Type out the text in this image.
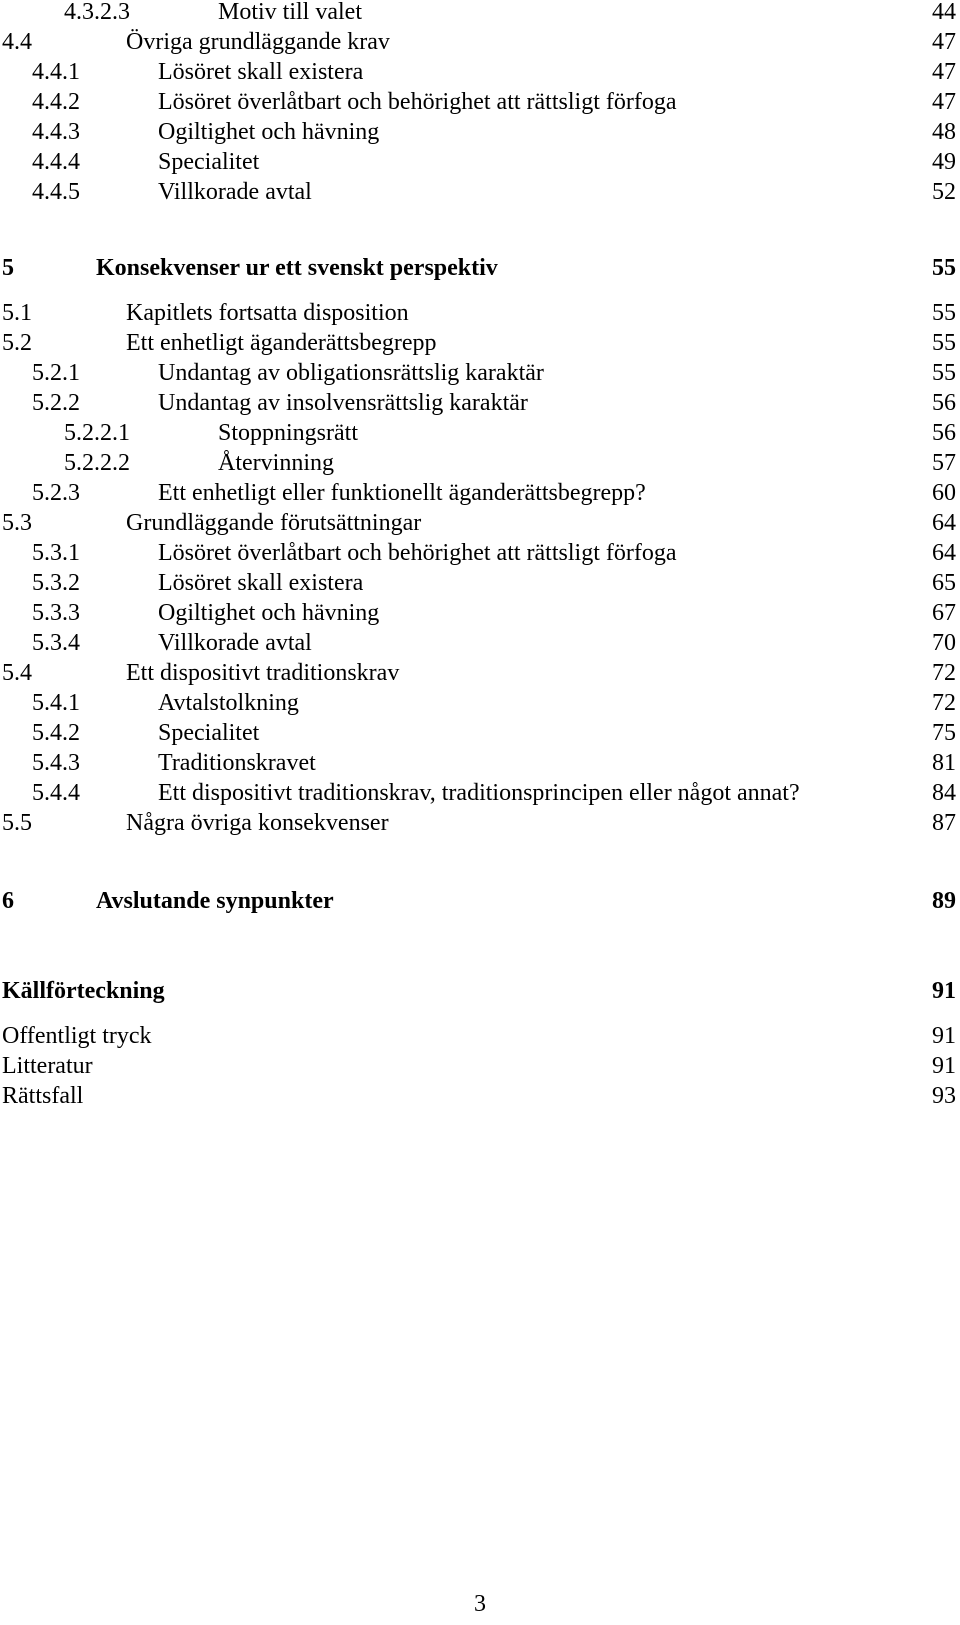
4.3.2.3	Motiv till valet	44
4.4	Övriga grundläggande krav	47
4.4.1	Lösöret skall existera	47
4.4.2	Lösöret överlåtbart och behörighet att rättsligt förfoga	47
4.4.3	Ogiltighet och hävning	48
4.4.4	Specialitet	49
4.4.5	Villkorade avtal	52
5	Konsekvenser ur ett svenskt perspektiv	55
5.1	Kapitlets fortsatta disposition	55
5.2	Ett enhetligt äganderättsbegrepp	55
5.2.1	Undantag av obligationsrättslig karaktär	55
5.2.2	Undantag av insolvensrättslig karaktär	56
5.2.2.1	Stoppningsrätt	56
5.2.2.2	Återvinning	57
5.2.3	Ett enhetligt eller funktionellt äganderättsbegrepp?	60
5.3	Grundläggande förutsättningar	64
5.3.1	Lösöret överlåtbart och behörighet att rättsligt förfoga	64
5.3.2	Lösöret skall existera	65
5.3.3	Ogiltighet och hävning	67
5.3.4	Villkorade avtal	70
5.4	Ett dispositivt traditionskrav	72
5.4.1	Avtalstolkning	72
5.4.2	Specialitet	75
5.4.3	Traditionskravet	81
5.4.4	Ett dispositivt traditionskrav, traditionsprincipen eller något annat?	84
5.5	Några övriga konsekvenser	87
6	Avslutande synpunkter	89
Källförteckning	91
Offentligt tryck	91
Litteratur	91
Rättsfall	93
3
